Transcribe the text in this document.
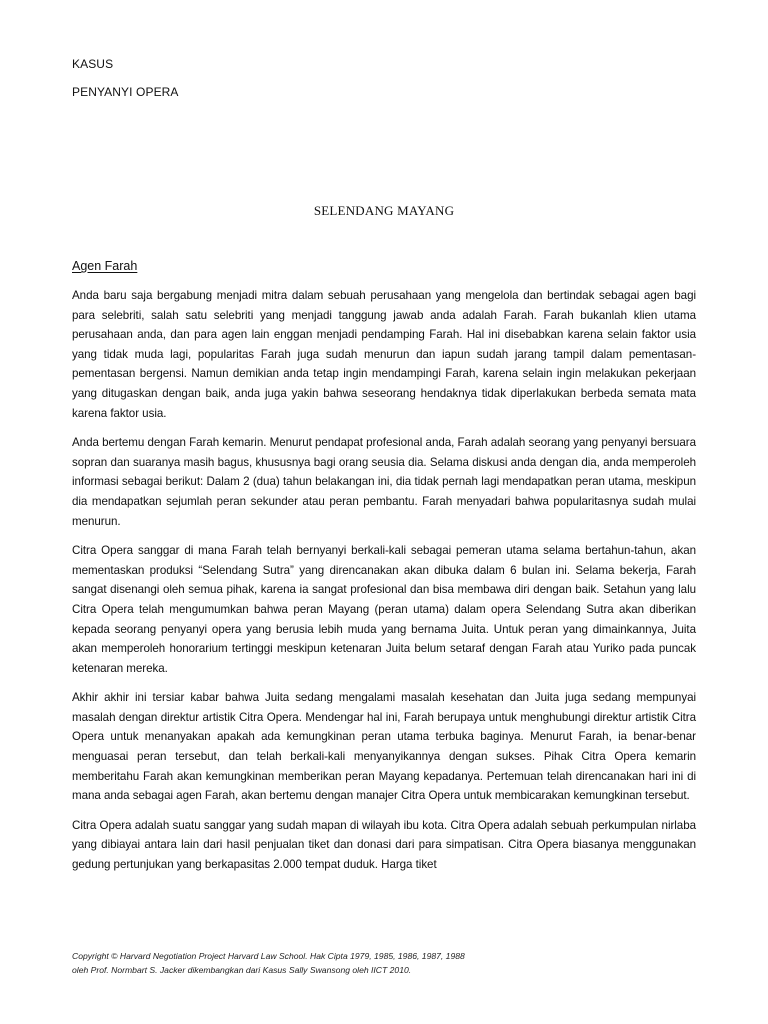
KASUS
PENYANYI OPERA
SELENDANG MAYANG
Agen Farah

Anda baru saja bergabung menjadi mitra dalam sebuah perusahaan yang mengelola dan bertindak sebagai agen bagi para selebriti, salah satu selebriti yang menjadi tanggung jawab anda adalah Farah. Farah bukanlah klien utama perusahaan anda, dan para agen lain enggan menjadi pendamping Farah. Hal ini disebabkan karena selain faktor usia yang tidak muda lagi, popularitas Farah juga sudah menurun dan iapun sudah jarang tampil dalam pementasan-pementasan bergensi. Namun demikian anda tetap ingin mendampingi Farah, karena selain ingin melakukan pekerjaan yang ditugaskan dengan baik, anda juga yakin bahwa seseorang hendaknya tidak diperlakukan berbeda semata mata karena faktor usia.

Anda bertemu dengan Farah kemarin. Menurut pendapat profesional anda, Farah adalah seorang yang penyanyi bersuara sopran dan suaranya masih bagus, khususnya bagi orang seusia dia. Selama diskusi anda dengan dia, anda memperoleh informasi sebagai berikut: Dalam 2 (dua) tahun belakangan ini, dia tidak pernah lagi mendapatkan peran utama, meskipun dia mendapatkan sejumlah peran sekunder atau peran pembantu. Farah menyadari bahwa popularitasnya sudah mulai menurun.

Citra Opera sanggar di mana Farah telah bernyanyi berkali-kali sebagai pemeran utama selama bertahun-tahun, akan mementaskan produksi “Selendang Sutra” yang direncanakan akan dibuka dalam 6 bulan ini. Selama bekerja, Farah sangat disenangi oleh semua pihak, karena ia sangat profesional dan bisa membawa diri dengan baik. Setahun yang lalu Citra Opera telah mengumumkan bahwa peran Mayang (peran utama) dalam opera Selendang Sutra akan diberikan kepada seorang penyanyi opera yang berusia lebih muda yang bernama Juita. Untuk peran yang dimainkannya, Juita akan memperoleh honorarium tertinggi meskipun ketenaran Juita belum setaraf dengan Farah atau Yuriko pada puncak ketenaran mereka.

Akhir akhir ini tersiar kabar bahwa Juita sedang mengalami masalah kesehatan dan Juita juga sedang mempunyai masalah dengan direktur artistik Citra Opera. Mendengar hal ini, Farah berupaya untuk menghubungi direktur artistik Citra Opera untuk menanyakan apakah ada kemungkinan peran utama terbuka baginya. Menurut Farah, ia benar-benar menguasai peran tersebut, dan telah berkali-kali menyanyikannya dengan sukses. Pihak Citra Opera kemarin memberitahu Farah akan kemungkinan memberikan peran Mayang kepadanya. Pertemuan telah direncanakan hari ini di mana anda sebagai agen Farah, akan bertemu dengan manajer Citra Opera untuk membicarakan kemungkinan tersebut.

Citra Opera adalah suatu sanggar yang sudah mapan di wilayah ibu kota. Citra Opera adalah sebuah perkumpulan nirlaba yang dibiayai antara lain dari hasil penjualan tiket dan donasi dari para simpatisan. Citra Opera biasanya menggunakan gedung pertunjukan yang berkapasitas 2.000 tempat duduk. Harga tiket

Copyright © Harvard Negotiation Project Harvard Law School. Hak Cipta 1979, 1985, 1986, 1987, 1988
oleh Prof. Normbart S. Jacker dikembangkan dari Kasus Sally Swansong oleh IICT 2010.
